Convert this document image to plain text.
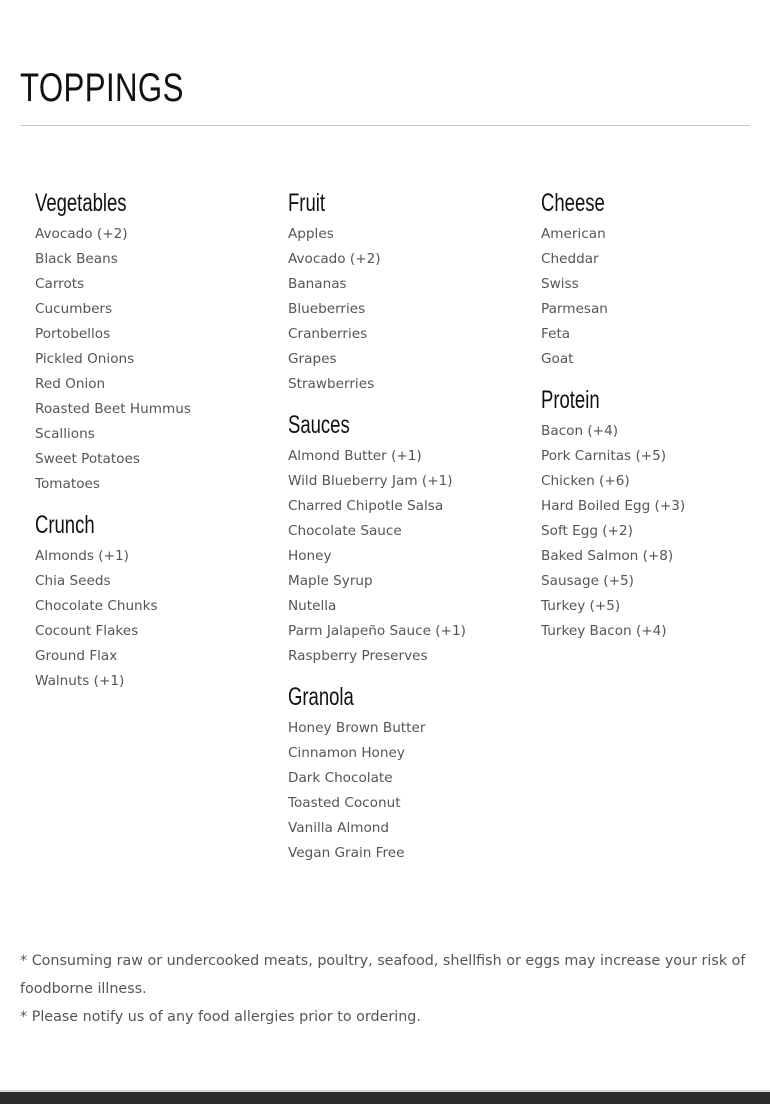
TOPPINGS
Vegetables
Avocado (+2)
Black Beans
Carrots
Cucumbers
Portobellos
Pickled Onions
Red Onion
Roasted Beet Hummus
Scallions
Sweet Potatoes
Tomatoes
Crunch
Almonds (+1)
Chia Seeds
Chocolate Chunks
Cocount Flakes
Ground Flax
Walnuts (+1)
Fruit
Apples
Avocado (+2)
Bananas
Blueberries
Cranberries
Grapes
Strawberries
Sauces
Almond Butter (+1)
Wild Blueberry Jam (+1)
Charred Chipotle Salsa
Chocolate Sauce
Honey
Maple Syrup
Nutella
Parm Jalapeño Sauce (+1)
Raspberry Preserves
Granola
Honey Brown Butter
Cinnamon Honey
Dark Chocolate
Toasted Coconut
Vanilla Almond
Vegan Grain Free
Cheese
American
Cheddar
Swiss
Parmesan
Feta
Goat
Protein
Bacon (+4)
Pork Carnitas (+5)
Chicken (+6)
Hard Boiled Egg (+3)
Soft Egg (+2)
Baked Salmon (+8)
Sausage (+5)
Turkey (+5)
Turkey Bacon (+4)

* Consuming raw or undercooked meats, poultry, seafood, shellfish or eggs may increase your risk of foodborne illness.

* Please notify us of any food allergies prior to ordering.
